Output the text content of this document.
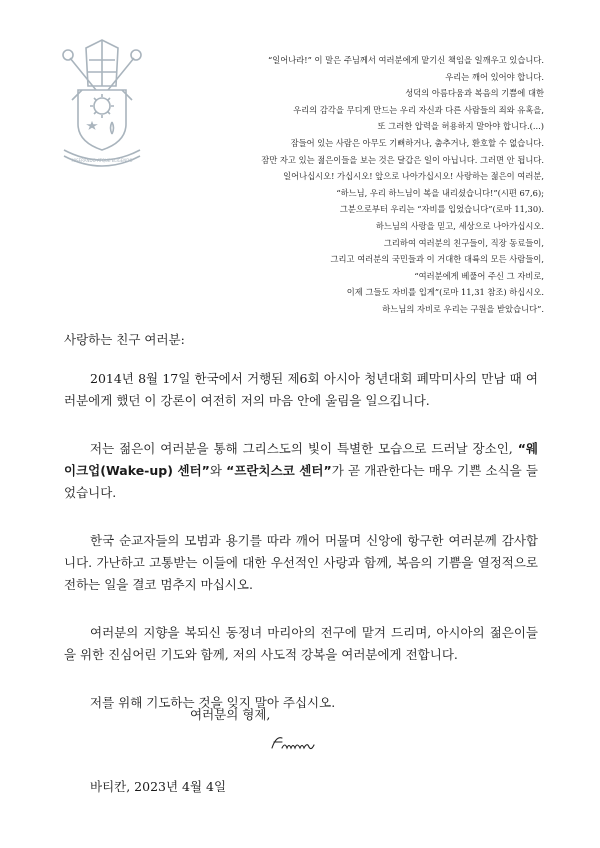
MISERANDO ATQUE ELIGENDO
“일어나라!” 이 말은 주님께서 여러분에게 맡기신 책임을 일깨우고 있습니다.
우리는 깨어 있어야 합니다.
성덕의 아름다움과 복음의 기쁨에 대한
우리의 감각을 무디게 만드는 우리 자신과 다른 사람들의 죄와 유혹을,
또 그러한 압력을 허용하지 말아야 합니다.(...)
잠들어 있는 사람은 아무도 기뻐하거나, 춤추거나, 환호할 수 없습니다.
잠만 자고 있는 젊은이들을 보는 것은 달갑은 일이 아닙니다. 그러면 안 됩니다.
일어나십시오! 가십시오! 앞으로 나아가십시오! 사랑하는 젊은이 여러분,
“하느님, 우리 하느님이 복을 내리셨습니다!”(시편 67,6);
그분으로부터 우리는 “자비를 입었습니다”(로마 11,30).
하느님의 사랑을 믿고, 세상으로 나아가십시오.
그리하여 여러분의 친구들이, 직장 동료들이,
그리고 여러분의 국민들과 이 거대한 대륙의 모든 사람들이,
“여러분에게 베풀어 주신 그 자비로,
이제 그들도 자비를 입게”(로마 11,31 참조) 하십시오.
하느님의 자비로 우리는 구원을 받았습니다”.
사랑하는 친구 여러분:

2014년 8월 17일 한국에서 거행된 제6회 아시아 청년대회 폐막미사의 만남 때 여러분에게 했던 이 강론이 여전히 저의 마음 안에 울림을 일으킵니다.

저는 젊은이 여러분을 통해 그리스도의 빛이 특별한 모습으로 드러날 장소인, “웨이크업(Wake-up) 센터”와 “프란치스코 센터”가 곧 개관한다는 매우 기쁜 소식을 들었습니다.

한국 순교자들의 모범과 용기를 따라 깨어 머물며 신앙에 항구한 여러분께 감사합니다. 가난하고 고통받는 이들에 대한 우선적인 사랑과 함께, 복음의 기쁨을 열정적으로 전하는 일을 결코 멈추지 마십시오.

여러분의 지향을 복되신 동정녀 마리아의 전구에 맡겨 드리며, 아시아의 젊은이들을 위한 진심어린 기도와 함께, 저의 사도적 강복을 여러분에게 전합니다.

저를 위해 기도하는 것을 잊지 말아 주십시오.

여러분의 형제,
바티칸, 2023년 4월 4일
